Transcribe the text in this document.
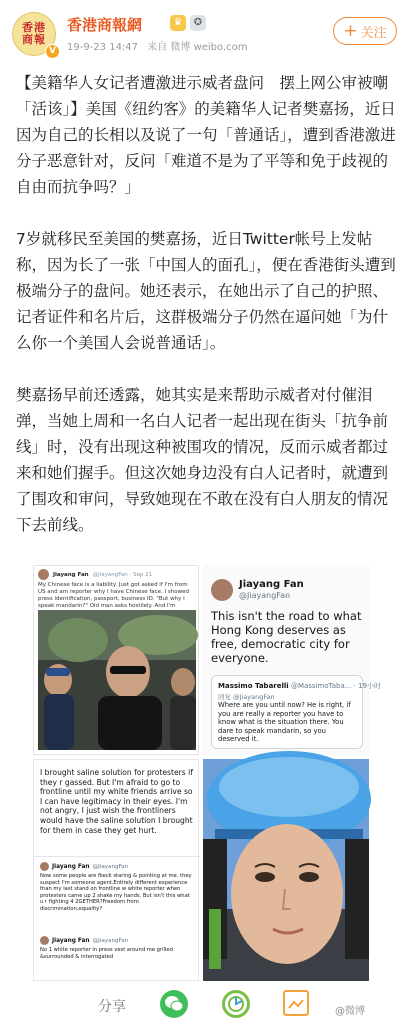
香港商報
V
香港商報網	♛	✪
19-9-23 14:47 来自 微博 weibo.com
+ 关注

【美籍华人女记者遭激进示威者盘问　摆上网公审被嘲「活该」】美国《纽约客》的美籍华人记者樊嘉扬，近日因为自己的长相以及说了一句「普通话」，遭到香港激进分子恶意针对，反问「难道不是为了平等和免于歧视的自由而抗争吗？」

7岁就移民至美国的樊嘉扬，近日Twitter帐号上发帖称，因为长了一张「中国人的面孔」，便在香港街头遭到极端分子的盘问。她还表示，在她出示了自己的护照、记者证件和名片后，这群极端分子仍然在逼问她「为什么你一个美国人会说普通话」。

樊嘉扬早前还透露，她其实是来帮助示威者对付催泪弹，当她上周和一名白人记者一起出现在街头「抗争前线」时，没有出现这种被围攻的情况，反而示威者都过来和她们握手。但这次她身边没有白人记者时，就遭到了围攻和审问，导致她现在不敢在没有白人朋友的情况下去前线。

Jiayang Fan @JiayangFan · Sep 21
My Chinese face is a liability. Just got asked if I'm from US and am reporter why I have Chinese face. I showed press identification, passport, business ID. "But why I speak mandarin?" Old man asks hostilely. And I'm
Jiayang Fan
@JiayangFan
This isn't the road to what Hong Kong deserves as free, democratic city for everyone.
Massimo Tabarelli @MassimoTaba... · 19小时
回复 @JiayangFan
Where are you until now? He is right, if you are really a reporter you have to know what is the situation there. You dare to speak mandarin, so you deserved it.
I brought saline solution for protesters if they r gassed. But I'm afraid to go to frontline until my white friends arrive so I can have legitimacy in their eyes. I'm not angry, I just wish the frontliners would have the saline solution I brought for them in case they get hurt.
Jiayang Fan @JiayangFan
Now some people are fkeck staring & pointing at me. they suspect I'm someone agent.Entirely different experience than my last stand on frontline w white reporter when protesters came up 2 shake my hands. But isn't this what u r fighting 4 2GETHER?Freedom from discrimination,equality?
Jiayang Fan @JiayangFan
No 1 white reporter in press vest around me grilled &surrounded & interrogated
分享	@微博
